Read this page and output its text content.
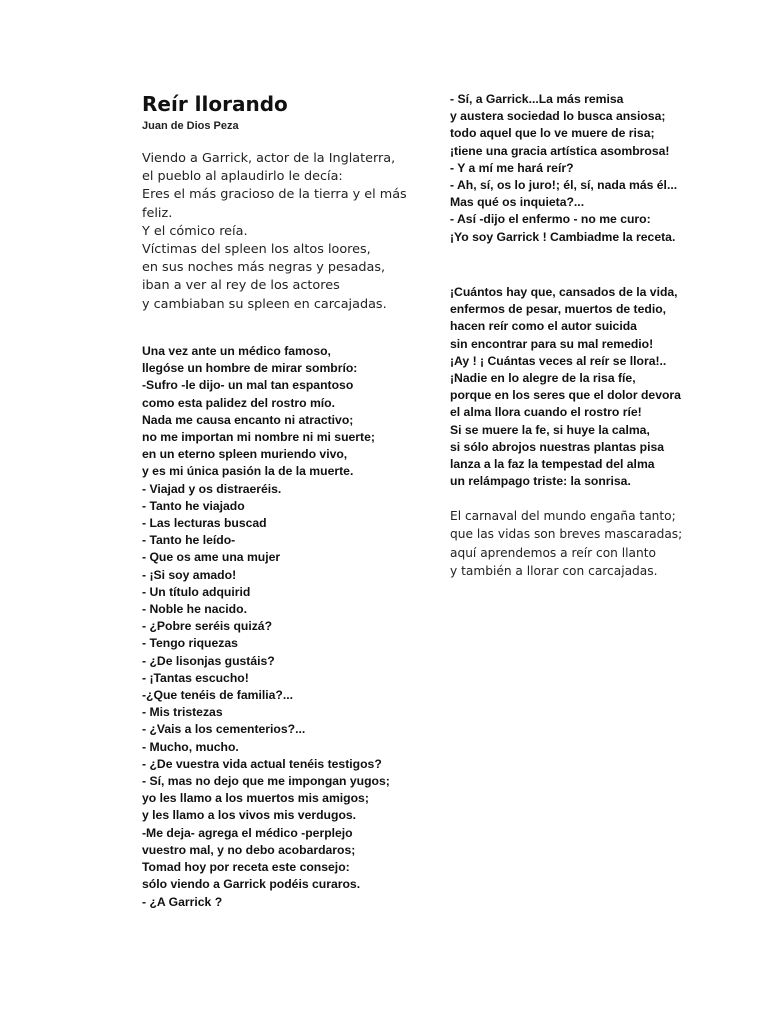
Reír llorando

Juan de Dios Peza

Viendo a Garrick, actor de la Inglaterra,
el pueblo al aplaudirlo le decía:
Eres el más gracioso de la tierra y el más
feliz.
Y el cómico reía.
Víctimas del spleen los altos loores,
en sus noches más negras y pesadas,
iban a ver al rey de los actores
y cambiaban su spleen en carcajadas.
Una vez ante un médico famoso,
llegóse un hombre de mirar sombrío:
-Sufro -le dijo- un mal tan espantoso
como esta palidez del rostro mío.
Nada me causa encanto ni atractivo;
no me importan mi nombre ni mi suerte;
en un eterno spleen muriendo vivo,
y es mi única pasión la de la muerte.
- Viajad y os distraeréis.
- Tanto he viajado
- Las lecturas buscad
- Tanto he leído-
- Que os ame una mujer
- ¡Si soy amado!
- Un título adquirid
- Noble he nacido.
- ¿Pobre seréis quizá?
- Tengo riquezas
- ¿De lisonjas gustáis?
- ¡Tantas escucho!
-¿Que tenéis de familia?...
- Mis tristezas
- ¿Vais a los cementerios?...
- Mucho, mucho.
- ¿De vuestra vida actual tenéis testigos?
- Sí, mas no dejo que me impongan yugos;
yo les llamo a los muertos mis amigos;
y les llamo a los vivos mis verdugos.
-Me deja- agrega el médico -perplejo
vuestro mal, y no debo acobardaros;
Tomad hoy por receta este consejo:
sólo viendo a Garrick podéis curaros.
- ¿A Garrick ?
- Sí, a Garrick...La más remisa
y austera sociedad lo busca ansiosa;
todo aquel que lo ve muere de risa;
¡tiene una gracia artística asombrosa!
- Y a mí me hará reír?
- Ah, sí, os lo juro!; él, sí, nada más él...
Mas qué os inquieta?...
- Así -dijo el enfermo - no me curo:
¡Yo soy Garrick ! Cambiadme la receta.
¡Cuántos hay que, cansados de la vida,
enfermos de pesar, muertos de tedio,
hacen reír como el autor suicida
sin encontrar para su mal remedio!
¡Ay ! ¡ Cuántas veces al reír se llora!..
¡Nadie en lo alegre de la risa fíe,
porque en los seres que el dolor devora
el alma llora cuando el rostro ríe!
Si se muere la fe, si huye la calma,
si sólo abrojos nuestras plantas pisa
lanza a la faz la tempestad del alma
un relámpago triste: la sonrisa.
El carnaval del mundo engaña tanto;
que las vidas son breves mascaradas;
aquí aprendemos a reír con llanto
y también a llorar con carcajadas.
